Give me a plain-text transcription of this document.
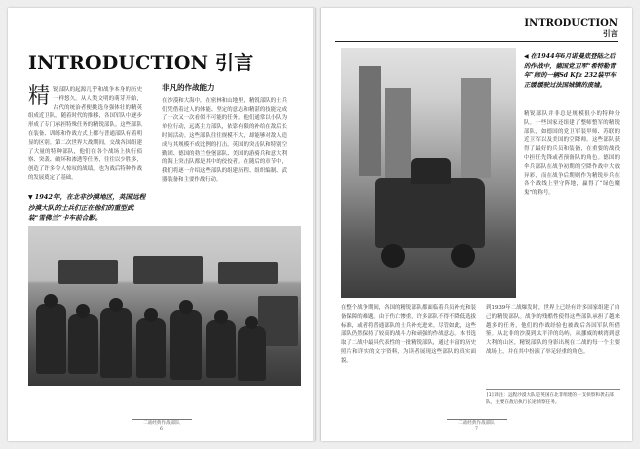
INTRODUCTION 引言
精 锐部队的起源几乎和战争本身的历史一样悠久。从人类文明的萌芽开始，古代的统治者便挑选身强体壮的精英组成近卫队，随着时代的推移，各国军队中逐步形成了专门承担特殊任务的精锐部队。这些部队在装备、训练和作战方式上都与普通部队有着明显的区别。第二次世界大战期间，交战各国组建了大量的特种部队，他们在各个战场上执行侦察、突袭、破坏和渗透等任务，往往以少胜多，创造了许多令人惊叹的战绩，也为战后特种作战的发展奠定了基础。
▼ 1942年，在北非沙漠地区，英国远程沙漠大队的士兵们正在他们的重型武装“雪佛兰”卡车前合影。
非凡的作战能力
在沙漠和大海中，在密林和山地里，精锐部队的士兵们凭借着过人的体能、坚定的意志和精湛的技能完成了一次又一次看似不可能的任务。他们通常以小队为单位行动，远离主力部队，依靠有限的补给在敌后长时间活动。这些部队往往规模不大，却能够对敌人造成与其规模不成比例的打击。英国的突击队和特别空勤团、德国的勃兰登堡部队、美国的游骑兵和意大利的海上突击队都是其中的佼佼者。在随后的章节中，我们将逐一介绍这些部队的组建历程、组织编制、武器装备和主要作战行动。
二战经典作战部队
6
INTRODUCTION
引言
◀ 在1944年6月诺曼底登陆之后的作战中，德国党卫军“希特勒青年”师的一辆Sd Kfz 232装甲车正缓缓驶过法国城镇的废墟。
精锐部队并非总是规模很小的特种分队。一些国家还组建了整师整军的精锐部队，如德国的党卫军装甲师、苏联的近卫军以及美国的空降师。这些部队获得了最好的兵员和装备，在重要的战役中担任先锋或者预备队的角色。德国的伞兵部队在战争初期的空降作战中大放异彩，而在战争后期则作为精锐步兵在各个战线上坚守阵地，赢得了“绿色魔鬼”的称号。
在整个战争期间，各国的精锐部队都面临着兵员补充和装备保障的难题。由于伤亡惨重，许多部队不得不降低选拔标准，或者将普通部队的士兵补充进来。尽管如此，这些部队仍然保持了较高的战斗力和顽强的作战意志。本书选取了二战中最具代表性的一批精锐部队，通过丰富的历史照片和详实的文字资料，为读者展现这些部队的真实面貌。
到1939年二战爆发时，世界上已经有许多国家组建了自己的精锐部队。战争的残酷性使得这些部队承担了越来越多的任务，他们的作战经验也被战后各国军队所借鉴。从北非的沙漠到太平洋的岛屿，从挪威的峡湾到意大利的山区，精锐部队的身影出现在二战的每一个主要战场上，并在其中扮演了举足轻重的角色。
[1]译注：远程沙漠大队是英国在北非组建的一支侦察和袭击部队，主要在敌后执行长途侦察任务。
二战经典作战部队
7
